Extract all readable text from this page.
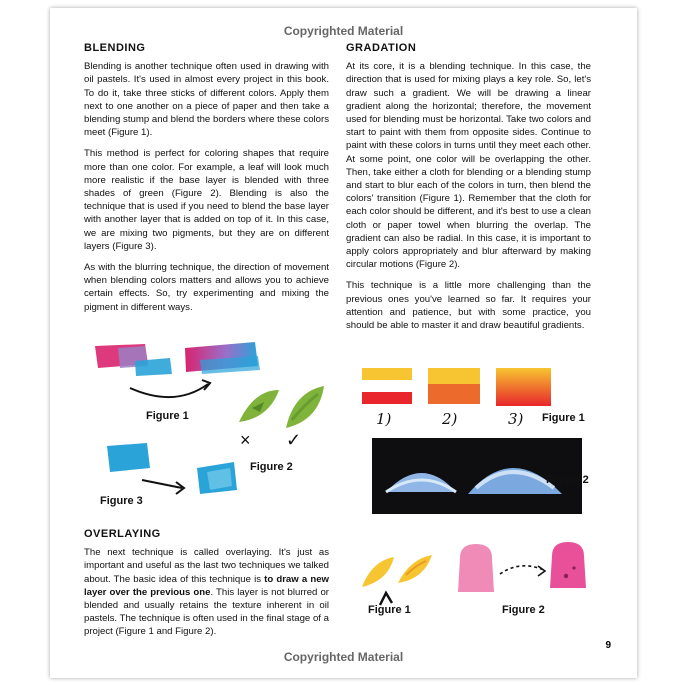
Copyrighted Material
BLENDING

Blending is another technique often used in drawing with oil pastels. It's used in almost every project in this book. To do it, take three sticks of different colors. Apply them next to one another on a piece of paper and then take a blending stump and blend the borders where these colors meet (Figure 1).

This method is perfect for coloring shapes that require more than one color. For example, a leaf will look much more realistic if the base layer is blended with three shades of green (Figure 2). Blending is also the technique that is used if you need to blend the base layer with another layer that is added on top of it. In this case, we are mixing two pigments, but they are on different layers (Figure 3).

As with the blurring technique, the direction of movement when blending colors matters and allows you to achieve certain effects. So, try experimenting and mixing the pigment in different ways.

GRADATION

At its core, it is a blending technique. In this case, the direction that is used for mixing plays a key role. So, let's draw such a gradient. We will be drawing a linear gradient along the horizontal; therefore, the movement used for blending must be horizontal. Take two colors and start to paint with them from opposite sides. Continue to paint with these colors in turns until they meet each other. At some point, one color will be overlapping the other. Then, take either a cloth for blending or a blending stump and start to blur each of the colors in turn, then blend the colors' transition (Figure 1). Remember that the cloth for each color should be different, and it's best to use a clean cloth or paper towel when blurring the overlap. The gradient can also be radial. In this case, it is important to apply colors appropriately and blur afterward by making circular motions (Figure 2).

This technique is a little more challenging than the previous ones you've learned so far. It requires your attention and patience, but with some practice, you should be able to master it and draw beautiful gradients.

Figure 1
× ✓
Figure 2
Figure 3
1)	2)	3) Figure 1
Figure 2
OVERLAYING

The next technique is called overlaying. It's just as important and useful as the last two techniques we talked about. The basic idea of this technique is to draw a new layer over the previous one. This layer is not blurred or blended and usually retains the texture inherent in oil pastels. The technique is often used in the final stage of a project (Figure 1 and Figure 2).

Figure 1	Figure 2
9
Copyrighted Material
